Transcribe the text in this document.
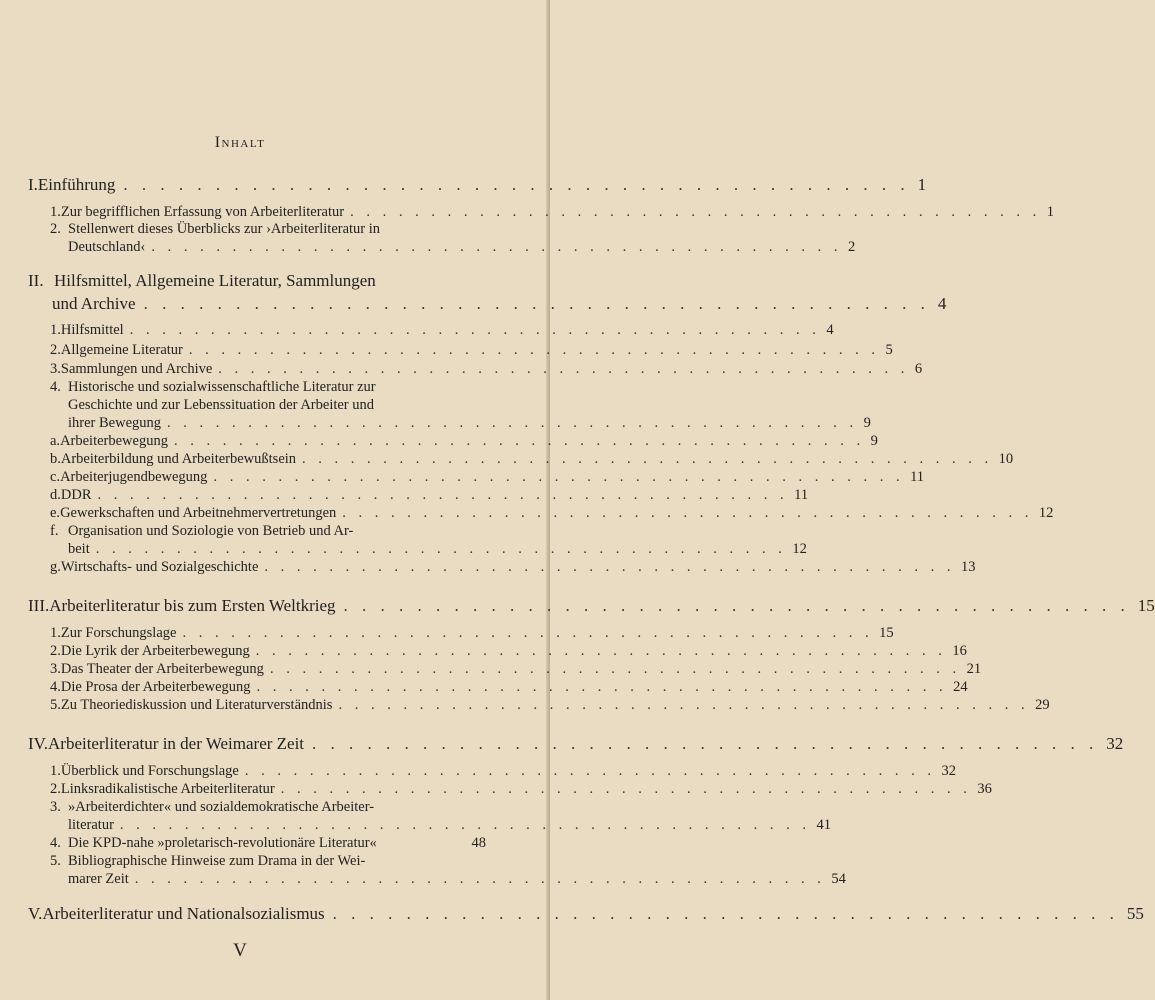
Inhalt
I. Einführung . . . . . . . . . . . . . . . . . . . . . . . . . . . . . . . . . . . . . . . . . . . 1
1. Zur begrifflichen Erfassung von Arbeiterliteratur . . . . . . . . . . . . . . . . . . . . . . . . . . . . . . . . . . . . . . . . . . . 1
2. Stellenwert dieses Überblicks zur ›Arbeiterliteratur in
Deutschland‹ . . . . . . . . . . . . . . . . . . . . . . . . . . . . . . . . . . . . . . . . . . . 2
II. Hilfsmittel, Allgemeine Literatur, Sammlungen
und Archive . . . . . . . . . . . . . . . . . . . . . . . . . . . . . . . . . . . . . . . . . . . 4
1. Hilfsmittel . . . . . . . . . . . . . . . . . . . . . . . . . . . . . . . . . . . . . . . . . . . 4
2. Allgemeine Literatur . . . . . . . . . . . . . . . . . . . . . . . . . . . . . . . . . . . . . . . . . . . 5
3. Sammlungen und Archive . . . . . . . . . . . . . . . . . . . . . . . . . . . . . . . . . . . . . . . . . . . 6
4. Historische und sozialwissenschaftliche Literatur zur
Geschichte und zur Lebenssituation der Arbeiter und
ihrer Bewegung . . . . . . . . . . . . . . . . . . . . . . . . . . . . . . . . . . . . . . . . . . . 9
a. Arbeiterbewegung . . . . . . . . . . . . . . . . . . . . . . . . . . . . . . . . . . . . . . . . . . . 9
b. Arbeiterbildung und Arbeiterbewußtsein . . . . . . . . . . . . . . . . . . . . . . . . . . . . . . . . . . . . . . . . . . . 10
c. Arbeiterjugendbewegung . . . . . . . . . . . . . . . . . . . . . . . . . . . . . . . . . . . . . . . . . . . 11
d. DDR . . . . . . . . . . . . . . . . . . . . . . . . . . . . . . . . . . . . . . . . . . . 11
e. Gewerkschaften und Arbeitnehmervertretungen . . . . . . . . . . . . . . . . . . . . . . . . . . . . . . . . . . . . . . . . . . . 12
f. Organisation und Soziologie von Betrieb und Ar-
beit . . . . . . . . . . . . . . . . . . . . . . . . . . . . . . . . . . . . . . . . . . . 12
g. Wirtschafts- und Sozialgeschichte . . . . . . . . . . . . . . . . . . . . . . . . . . . . . . . . . . . . . . . . . . . 13
III. Arbeiterliteratur bis zum Ersten Weltkrieg . . . . . . . . . . . . . . . . . . . . . . . . . . . . . . . . . . . . . . . . . . . 15
1. Zur Forschungslage . . . . . . . . . . . . . . . . . . . . . . . . . . . . . . . . . . . . . . . . . . . 15
2. Die Lyrik der Arbeiterbewegung . . . . . . . . . . . . . . . . . . . . . . . . . . . . . . . . . . . . . . . . . . . 16
3. Das Theater der Arbeiterbewegung . . . . . . . . . . . . . . . . . . . . . . . . . . . . . . . . . . . . . . . . . . . 21
4. Die Prosa der Arbeiterbewegung . . . . . . . . . . . . . . . . . . . . . . . . . . . . . . . . . . . . . . . . . . . 24
5. Zu Theoriediskussion und Literaturverständnis . . . . . . . . . . . . . . . . . . . . . . . . . . . . . . . . . . . . . . . . . . . 29
IV. Arbeiterliteratur in der Weimarer Zeit . . . . . . . . . . . . . . . . . . . . . . . . . . . . . . . . . . . . . . . . . . . 32
1. Überblick und Forschungslage . . . . . . . . . . . . . . . . . . . . . . . . . . . . . . . . . . . . . . . . . . . 32
2. Linksradikalistische Arbeiterliteratur . . . . . . . . . . . . . . . . . . . . . . . . . . . . . . . . . . . . . . . . . . . 36
3. »Arbeiterdichter« und sozialdemokratische Arbeiter-
literatur . . . . . . . . . . . . . . . . . . . . . . . . . . . . . . . . . . . . . . . . . . . 41
4. Die KPD-nahe »proletarisch-revolutionäre Literatur«	48
5. Bibliographische Hinweise zum Drama in der Wei-
marer Zeit . . . . . . . . . . . . . . . . . . . . . . . . . . . . . . . . . . . . . . . . . . . 54
V. Arbeiterliteratur und Nationalsozialismus . . . . . . . . . . . . . . . . . . . . . . . . . . . . . . . . . . . . . . . . . . . 55
V
